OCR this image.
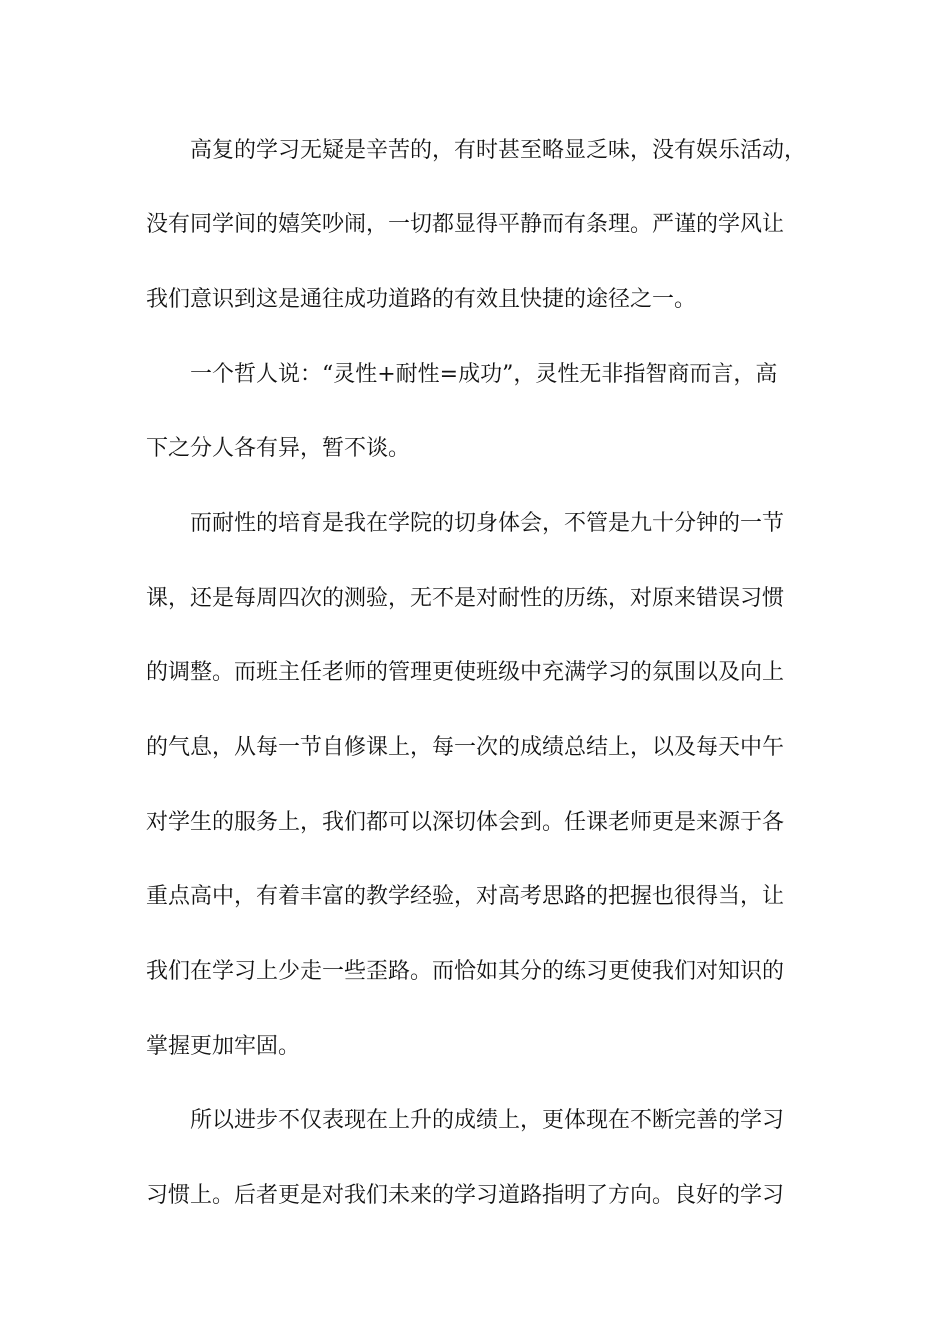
高复的学习无疑是辛苦的，有时甚至略显乏味，没有娱乐活动，
没有同学间的嬉笑吵闹，一切都显得平静而有条理。严谨的学风让
我们意识到这是通往成功道路的有效且快捷的途径之一。
一个哲人说：“灵性+耐性=成功”，灵性无非指智商而言，高
下之分人各有异，暂不谈。
而耐性的培育是我在学院的切身体会，不管是九十分钟的一节
课，还是每周四次的测验，无不是对耐性的历练，对原来错误习惯
的调整。而班主任老师的管理更使班级中充满学习的氛围以及向上
的气息，从每一节自修课上，每一次的成绩总结上，以及每天中午
对学生的服务上，我们都可以深切体会到。任课老师更是来源于各
重点高中，有着丰富的教学经验，对高考思路的把握也很得当，让
我们在学习上少走一些歪路。而恰如其分的练习更使我们对知识的
掌握更加牢固。
所以进步不仅表现在上升的成绩上，更体现在不断完善的学习
习惯上。后者更是对我们未来的学习道路指明了方向。良好的学习
